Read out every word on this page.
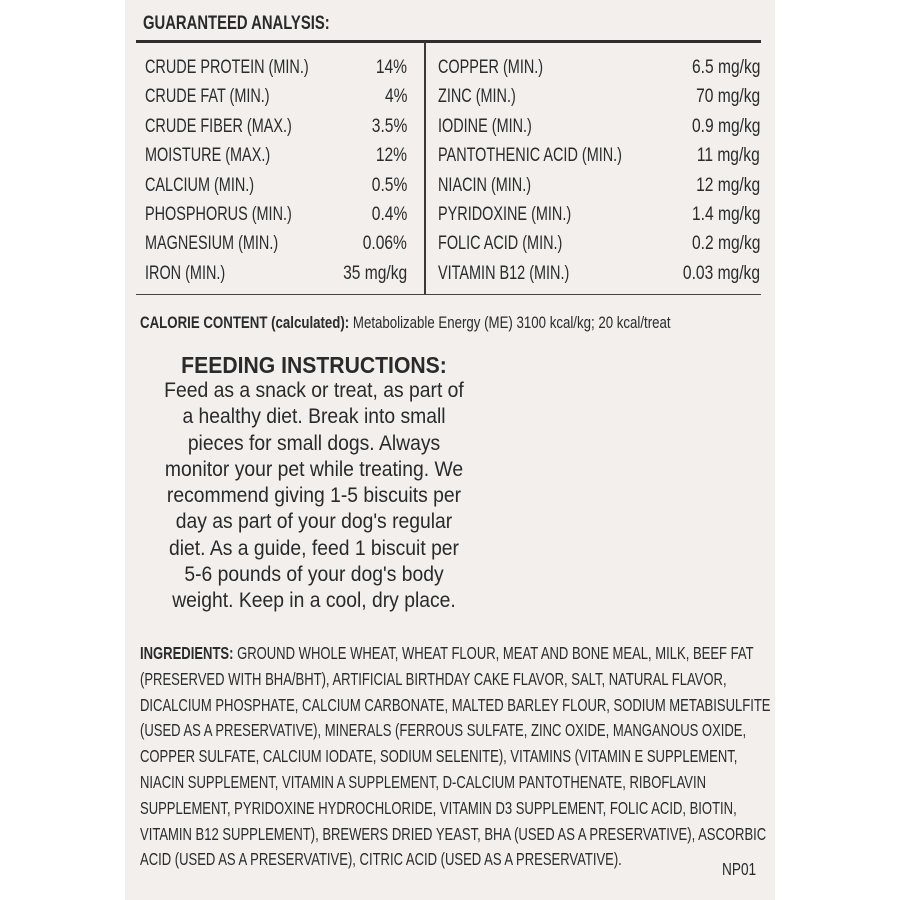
GUARANTEED ANALYSIS:
CRUDE PROTEIN (MIN.)	14%
CRUDE FAT (MIN.)	4%
CRUDE FIBER (MAX.)	3.5%
MOISTURE (MAX.)	12%
CALCIUM (MIN.)	0.5%
PHOSPHORUS (MIN.)	0.4%
MAGNESIUM (MIN.)	0.06%
IRON (MIN.)	35 mg/kg
COPPER (MIN.)	6.5 mg/kg
ZINC (MIN.)	70 mg/kg
IODINE (MIN.)	0.9 mg/kg
PANTOTHENIC ACID (MIN.)	11 mg/kg
NIACIN (MIN.)	12 mg/kg
PYRIDOXINE (MIN.)	1.4 mg/kg
FOLIC ACID (MIN.)	0.2 mg/kg
VITAMIN B12 (MIN.)	0.03 mg/kg
CALORIE CONTENT (calculated): Metabolizable Energy (ME) 3100 kcal/kg; 20 kcal/treat
FEEDING INSTRUCTIONS:
Feed as a snack or treat, as part of
a healthy diet. Break into small
pieces for small dogs. Always
monitor your pet while treating. We
recommend giving 1-5 biscuits per
day as part of your dog's regular
diet. As a guide, feed 1 biscuit per
5-6 pounds of your dog's body
weight. Keep in a cool, dry place.
INGREDIENTS: GROUND WHOLE WHEAT, WHEAT FLOUR, MEAT AND BONE MEAL, MILK, BEEF FAT
(PRESERVED WITH BHA/BHT), ARTIFICIAL BIRTHDAY CAKE FLAVOR, SALT, NATURAL FLAVOR,
DICALCIUM PHOSPHATE, CALCIUM CARBONATE, MALTED BARLEY FLOUR, SODIUM METABISULFITE
(USED AS A PRESERVATIVE), MINERALS (FERROUS SULFATE, ZINC OXIDE, MANGANOUS OXIDE,
COPPER SULFATE, CALCIUM IODATE, SODIUM SELENITE), VITAMINS (VITAMIN E SUPPLEMENT,
NIACIN SUPPLEMENT, VITAMIN A SUPPLEMENT, D-CALCIUM PANTOTHENATE, RIBOFLAVIN
SUPPLEMENT, PYRIDOXINE HYDROCHLORIDE, VITAMIN D3 SUPPLEMENT, FOLIC ACID, BIOTIN,
VITAMIN B12 SUPPLEMENT), BREWERS DRIED YEAST, BHA (USED AS A PRESERVATIVE), ASCORBIC
ACID (USED AS A PRESERVATIVE), CITRIC ACID (USED AS A PRESERVATIVE).	NP01
